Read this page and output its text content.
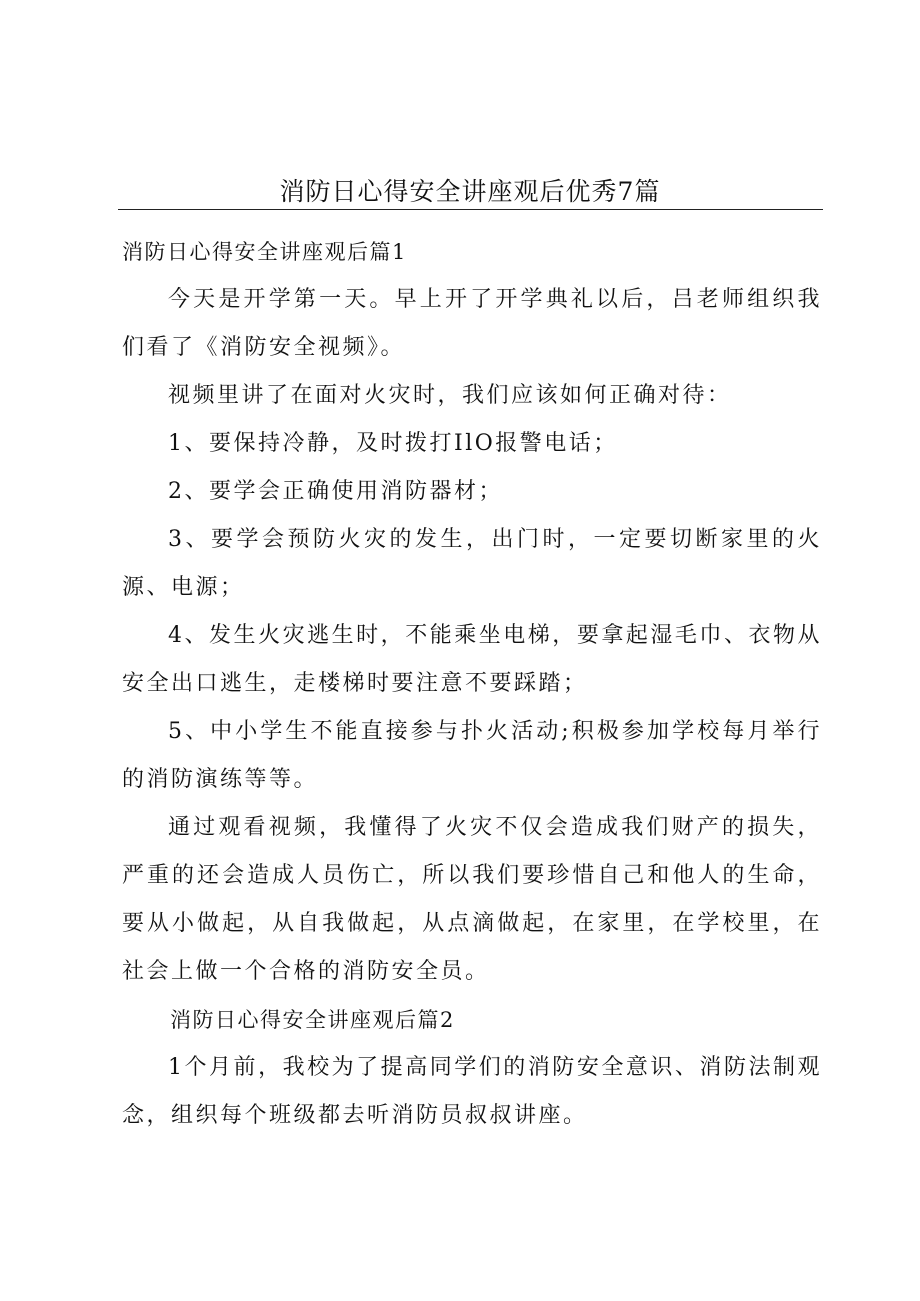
消防日心得安全讲座观后优秀7篇

消防日心得安全讲座观后篇1

今天是开学第一天。早上开了开学典礼以后，吕老师组织我们看了《消防安全视频》。

视频里讲了在面对火灾时，我们应该如何正确对待：

1、要保持冷静，及时拨打IlO报警电话；

2、要学会正确使用消防器材；

3、要学会预防火灾的发生，出门时，一定要切断家里的火源、电源；

4、发生火灾逃生时，不能乘坐电梯，要拿起湿毛巾、衣物从安全出口逃生，走楼梯时要注意不要踩踏；

5、中小学生不能直接参与扑火活动;积极参加学校每月举行的消防演练等等。

通过观看视频，我懂得了火灾不仅会造成我们财产的损失，严重的还会造成人员伤亡，所以我们要珍惜自己和他人的生命，要从小做起，从自我做起，从点滴做起，在家里，在学校里，在社会上做一个合格的消防安全员。

消防日心得安全讲座观后篇2

1个月前，我校为了提高同学们的消防安全意识、消防法制观念，组织每个班级都去听消防员叔叔讲座。
